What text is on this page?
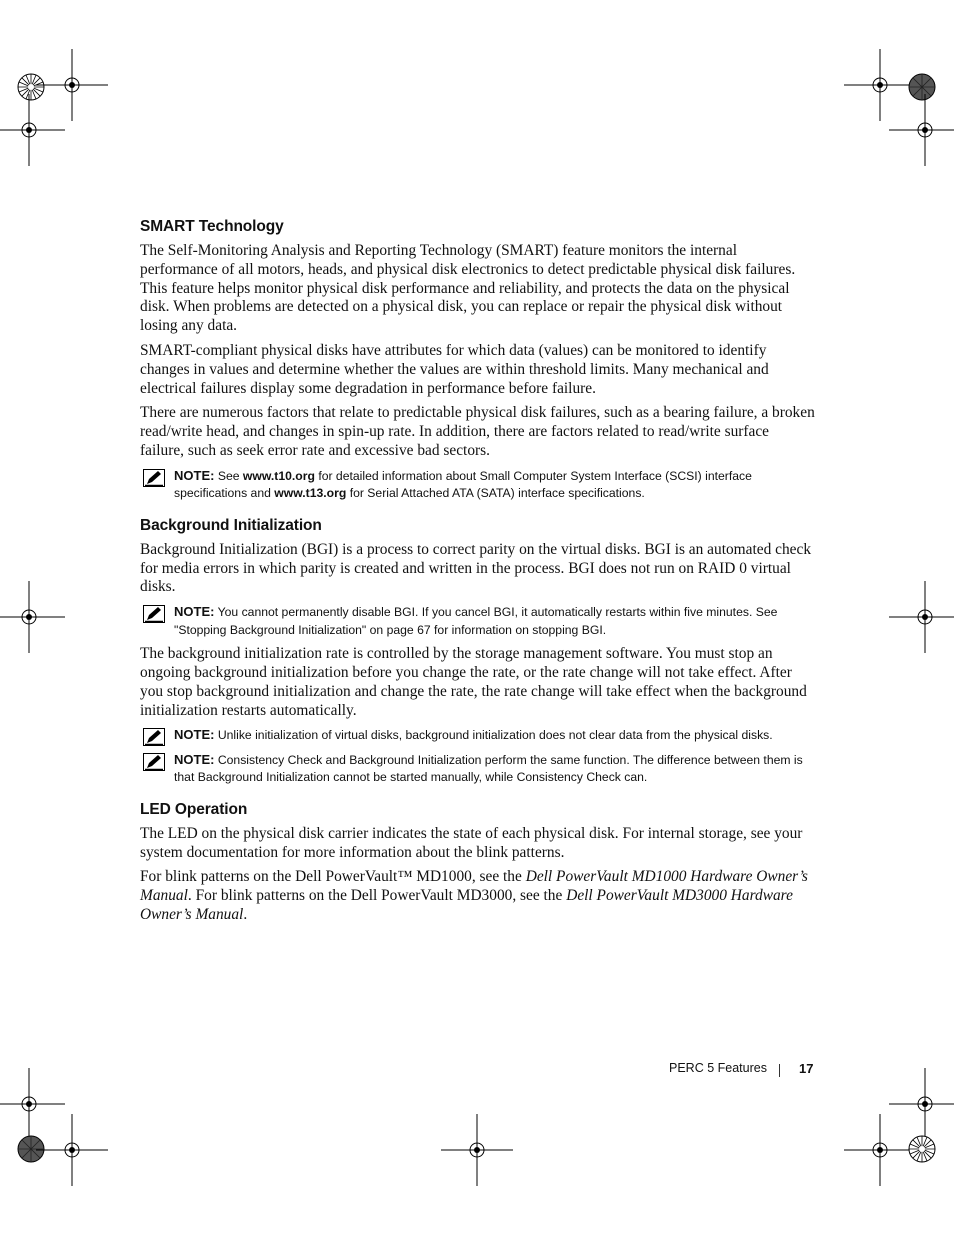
SMART Technology

The Self-Monitoring Analysis and Reporting Technology (SMART) feature monitors the internal performance of all motors, heads, and physical disk electronics to detect predictable physical disk failures. This feature helps monitor physical disk performance and reliability, and protects the data on the physical disk. When problems are detected on a physical disk, you can replace or repair the physical disk without losing any data.

SMART-compliant physical disks have attributes for which data (values) can be monitored to identify changes in values and determine whether the values are within threshold limits. Many mechanical and electrical failures display some degradation in performance before failure.

There are numerous factors that relate to predictable physical disk failures, such as a bearing failure, a broken read/write head, and changes in spin-up rate. In addition, there are factors related to read/write surface failure, such as seek error rate and excessive bad sectors.

NOTE: See www.t10.org for detailed information about Small Computer System Interface (SCSI) interface specifications and www.t13.org for Serial Attached ATA (SATA) interface specifications.
Background Initialization

Background Initialization (BGI) is a process to correct parity on the virtual disks. BGI is an automated check for media errors in which parity is created and written in the process. BGI does not run on RAID 0 virtual disks.

NOTE: You cannot permanently disable BGI. If you cancel BGI, it automatically restarts within five minutes. See "Stopping Background Initialization" on page 67 for information on stopping BGI.

The background initialization rate is controlled by the storage management software. You must stop an ongoing background initialization before you change the rate, or the rate change will not take effect. After you stop background initialization and change the rate, the rate change will take effect when the background initialization restarts automatically.

NOTE: Unlike initialization of virtual disks, background initialization does not clear data from the physical disks.
NOTE: Consistency Check and Background Initialization perform the same function. The difference between them is that Background Initialization cannot be started manually, while Consistency Check can.
LED Operation

The LED on the physical disk carrier indicates the state of each physical disk. For internal storage, see your system documentation for more information about the blink patterns.

For blink patterns on the Dell PowerVault™ MD1000, see the Dell PowerVault MD1000 Hardware Owner’s Manual. For blink patterns on the Dell PowerVault MD3000, see the Dell PowerVault MD3000 Hardware Owner’s Manual.

PERC 5 Features 17
